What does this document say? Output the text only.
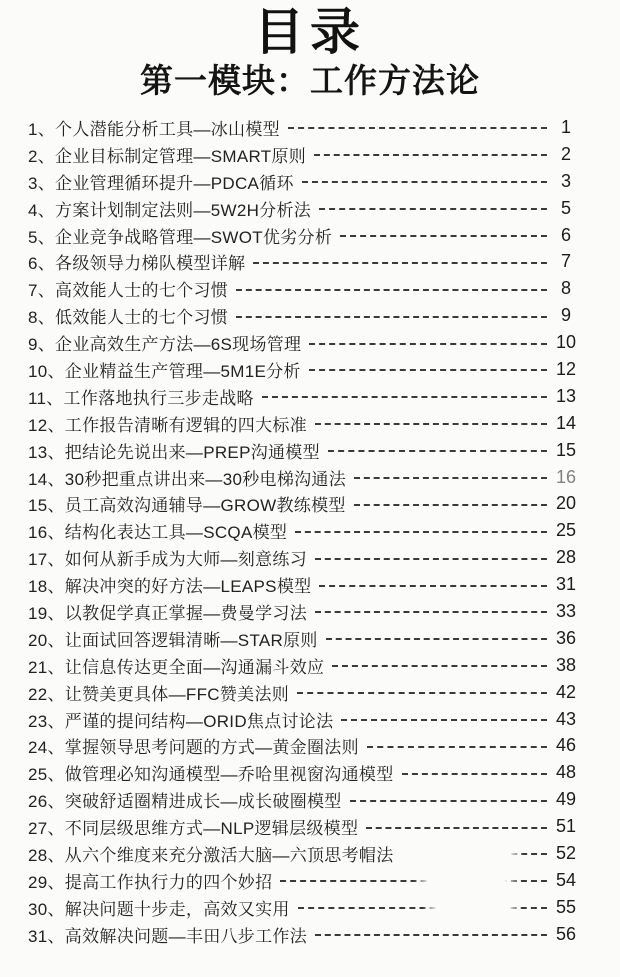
目录
第一模块：工作方法论
1、个人潜能分析工具—冰山模型	1
2、企业目标制定管理—SMART原则	2
3、企业管理循环提升—PDCA循环	3
4、方案计划制定法则—5W2H分析法	5
5、企业竞争战略管理—SWOT优劣分析	6
6、各级领导力梯队模型详解	7
7、高效能人士的七个习惯	8
8、低效能人士的七个习惯	9
9、企业高效生产方法—6S现场管理	10
10、企业精益生产管理—5M1E分析	12
11、工作落地执行三步走战略	13
12、工作报告清晰有逻辑的四大标准	14
13、把结论先说出来—PREP沟通模型	15
14、30秒把重点讲出来—30秒电梯沟通法	16
15、员工高效沟通辅导—GROW教练模型	20
16、结构化表达工具—SCQA模型	25
17、如何从新手成为大师—刻意练习	28
18、解决冲突的好方法—LEAPS模型	31
19、以教促学真正掌握—费曼学习法	33
20、让面试回答逻辑清晰—STAR原则	36
21、让信息传达更全面—沟通漏斗效应	38
22、让赞美更具体—FFC赞美法则	42
23、严谨的提问结构—ORID焦点讨论法	43
24、掌握领导思考问题的方式—黄金圈法则	46
25、做管理必知沟通模型—乔哈里视窗沟通模型	48
26、突破舒适圈精进成长—成长破圈模型	49
27、不同层级思维方式—NLP逻辑层级模型	51
28、从六个维度来充分激活大脑—六顶思考帽法	52
29、提高工作执行力的四个妙招	54
30、解决问题十步走，高效又实用	55
31、高效解决问题—丰田八步工作法	56
